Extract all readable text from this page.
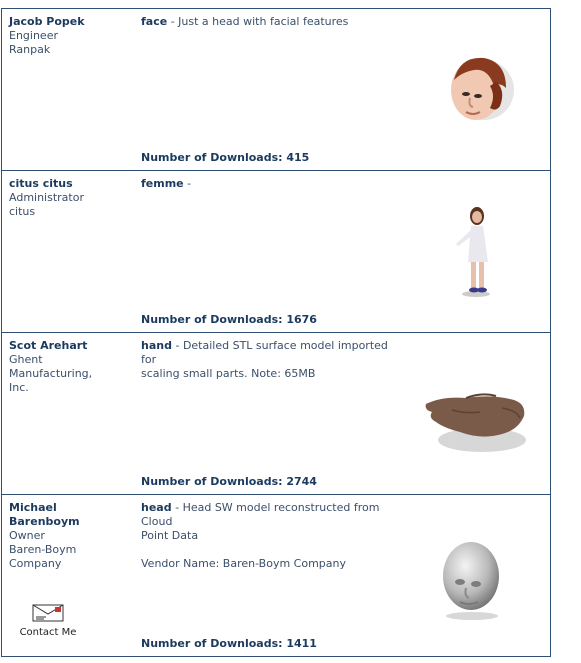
Jacob Popek
Engineer
Ranpak
face - Just a head with facial features
Number of Downloads: 415
citus citus
Administrator
citus
femme -
Number of Downloads: 1676
Scot Arehart
Ghent Manufacturing,
Inc.
hand - Detailed STL surface model imported for
scaling small parts. Note: 65MB
Number of Downloads: 2744
Michael Barenboym
Owner
Baren-Boym Company
head - Head SW model reconstructed from Cloud
Point Data
Vendor Name: Baren-Boym Company
Contact Me
Number of Downloads: 1411
